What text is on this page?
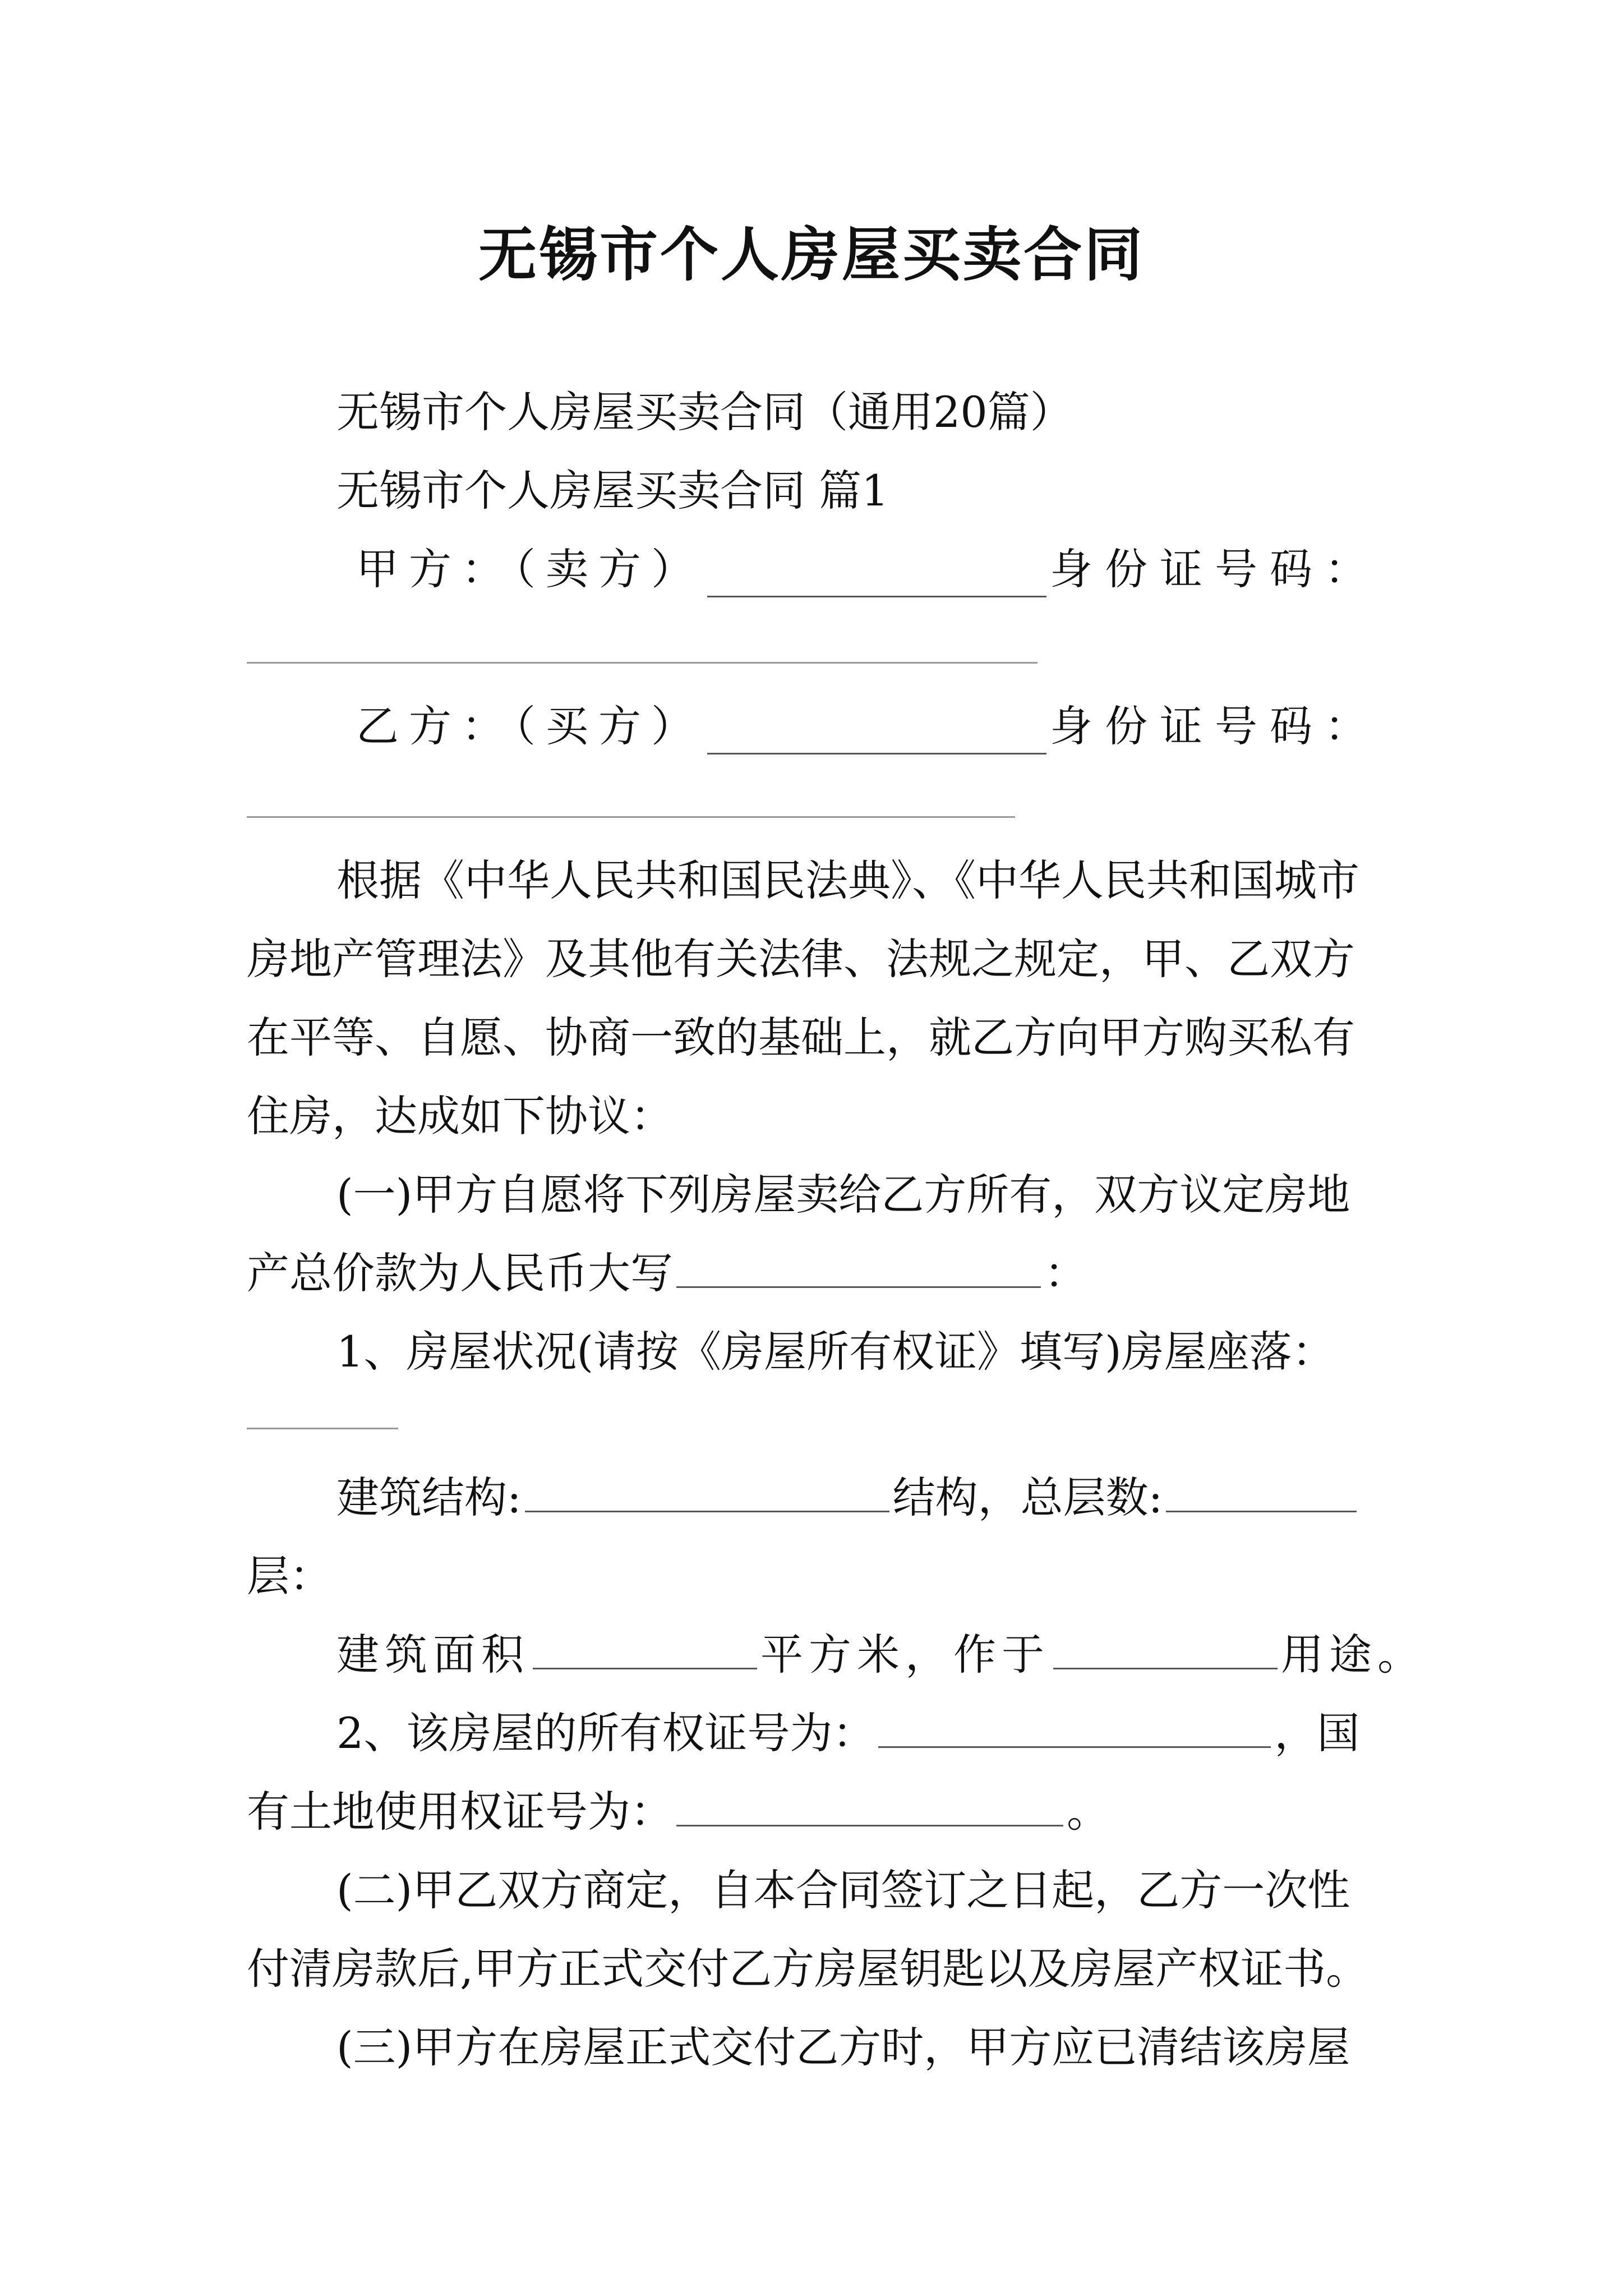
无锡市个人房屋买卖合同
无锡市个人房屋买卖合同（通用20篇）
无锡市个人房屋买卖合同 篇1
甲方：（卖方）	身份证号码：
乙方：（买方）	身份证号码：
根据《中华人民共和国民法典》、《中华人民共和国城市
房地产管理法》及其他有关法律、法规之规定，甲、乙双方
在平等、自愿、协商一致的基础上，就乙方向甲方购买私有
住房，达成如下协议：
(一)甲方自愿将下列房屋卖给乙方所有，双方议定房地
产总价款为人民币大写	：
1、房屋状况(请按《房屋所有权证》填写)房屋座落：
建筑结构:	结构，总层数:
层：
建筑面积	平方米，作于	用途。
2、该房屋的所有权证号为：	，国
有土地使用权证号为：	。
(二)甲乙双方商定，自本合同签订之日起，乙方一次性
付清房款后,甲方正式交付乙方房屋钥匙以及房屋产权证书。
(三)甲方在房屋正式交付乙方时，甲方应已清结该房屋
